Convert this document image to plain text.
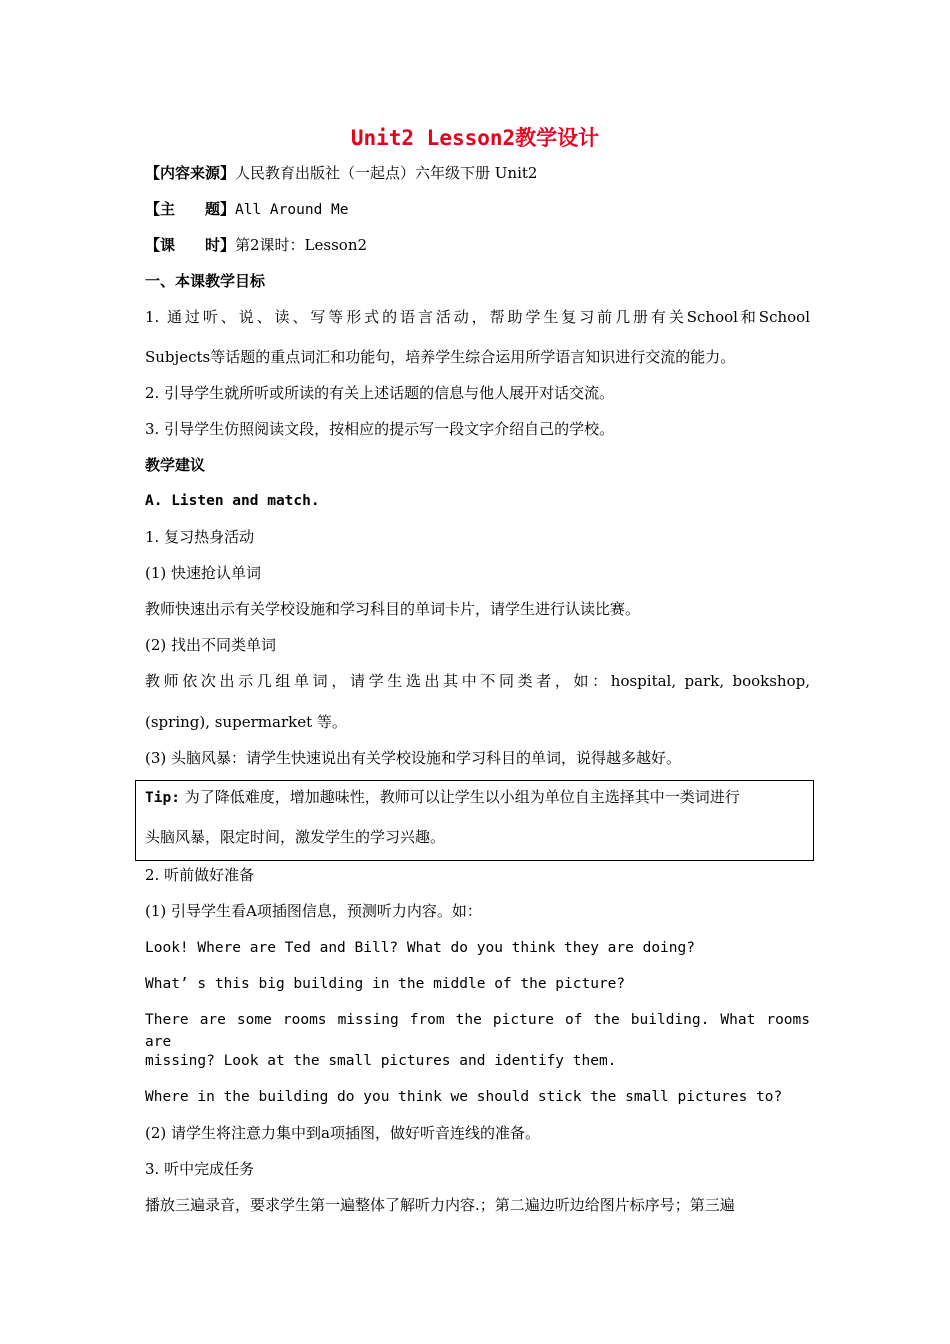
Unit2 Lesson2教学设计
【内容来源】人民教育出版社（一起点）六年级下册 Unit2
【主　　题】All Around Me
【课　　时】第2课时：Lesson2
一、本课教学目标
1. 通过听、说、读、写等形式的语言活动，帮助学生复习前几册有关School和School
Subjects等话题的重点词汇和功能句，培养学生综合运用所学语言知识进行交流的能力。
2. 引导学生就所听或所读的有关上述话题的信息与他人展开对话交流。
3. 引导学生仿照阅读文段，按相应的提示写一段文字介绍自己的学校。
教学建议
A. Listen and match.
1. 复习热身活动
(1) 快速抢认单词
教师快速出示有关学校设施和学习科目的单词卡片，请学生进行认读比赛。
(2) 找出不同类单词
教师依次出示几组单词，请学生选出其中不同类者，如：hospital, park, bookshop,
(spring), supermarket 等。
(3) 头脑风暴：请学生快速说出有关学校设施和学习科目的单词，说得越多越好。
Tip: 为了降低难度，增加趣味性，教师可以让学生以小组为单位自主选择其中一类词进行
头脑风暴，限定时间，激发学生的学习兴趣。
2. 听前做好准备
(1) 引导学生看A项插图信息，预测听力内容。如：
Look! Where are Ted and Bill? What do you think they are doing?
What’ s this big building in the middle of the picture?
There are some rooms missing from the picture of the building. What rooms are
missing? Look at the small pictures and identify them.
Where in the building do you think we should stick the small pictures to?
(2) 请学生将注意力集中到a项插图，做好听音连线的准备。
3. 听中完成任务
播放三遍录音，要求学生第一遍整体了解听力内容.；第二遍边听边给图片标序号；第三遍
